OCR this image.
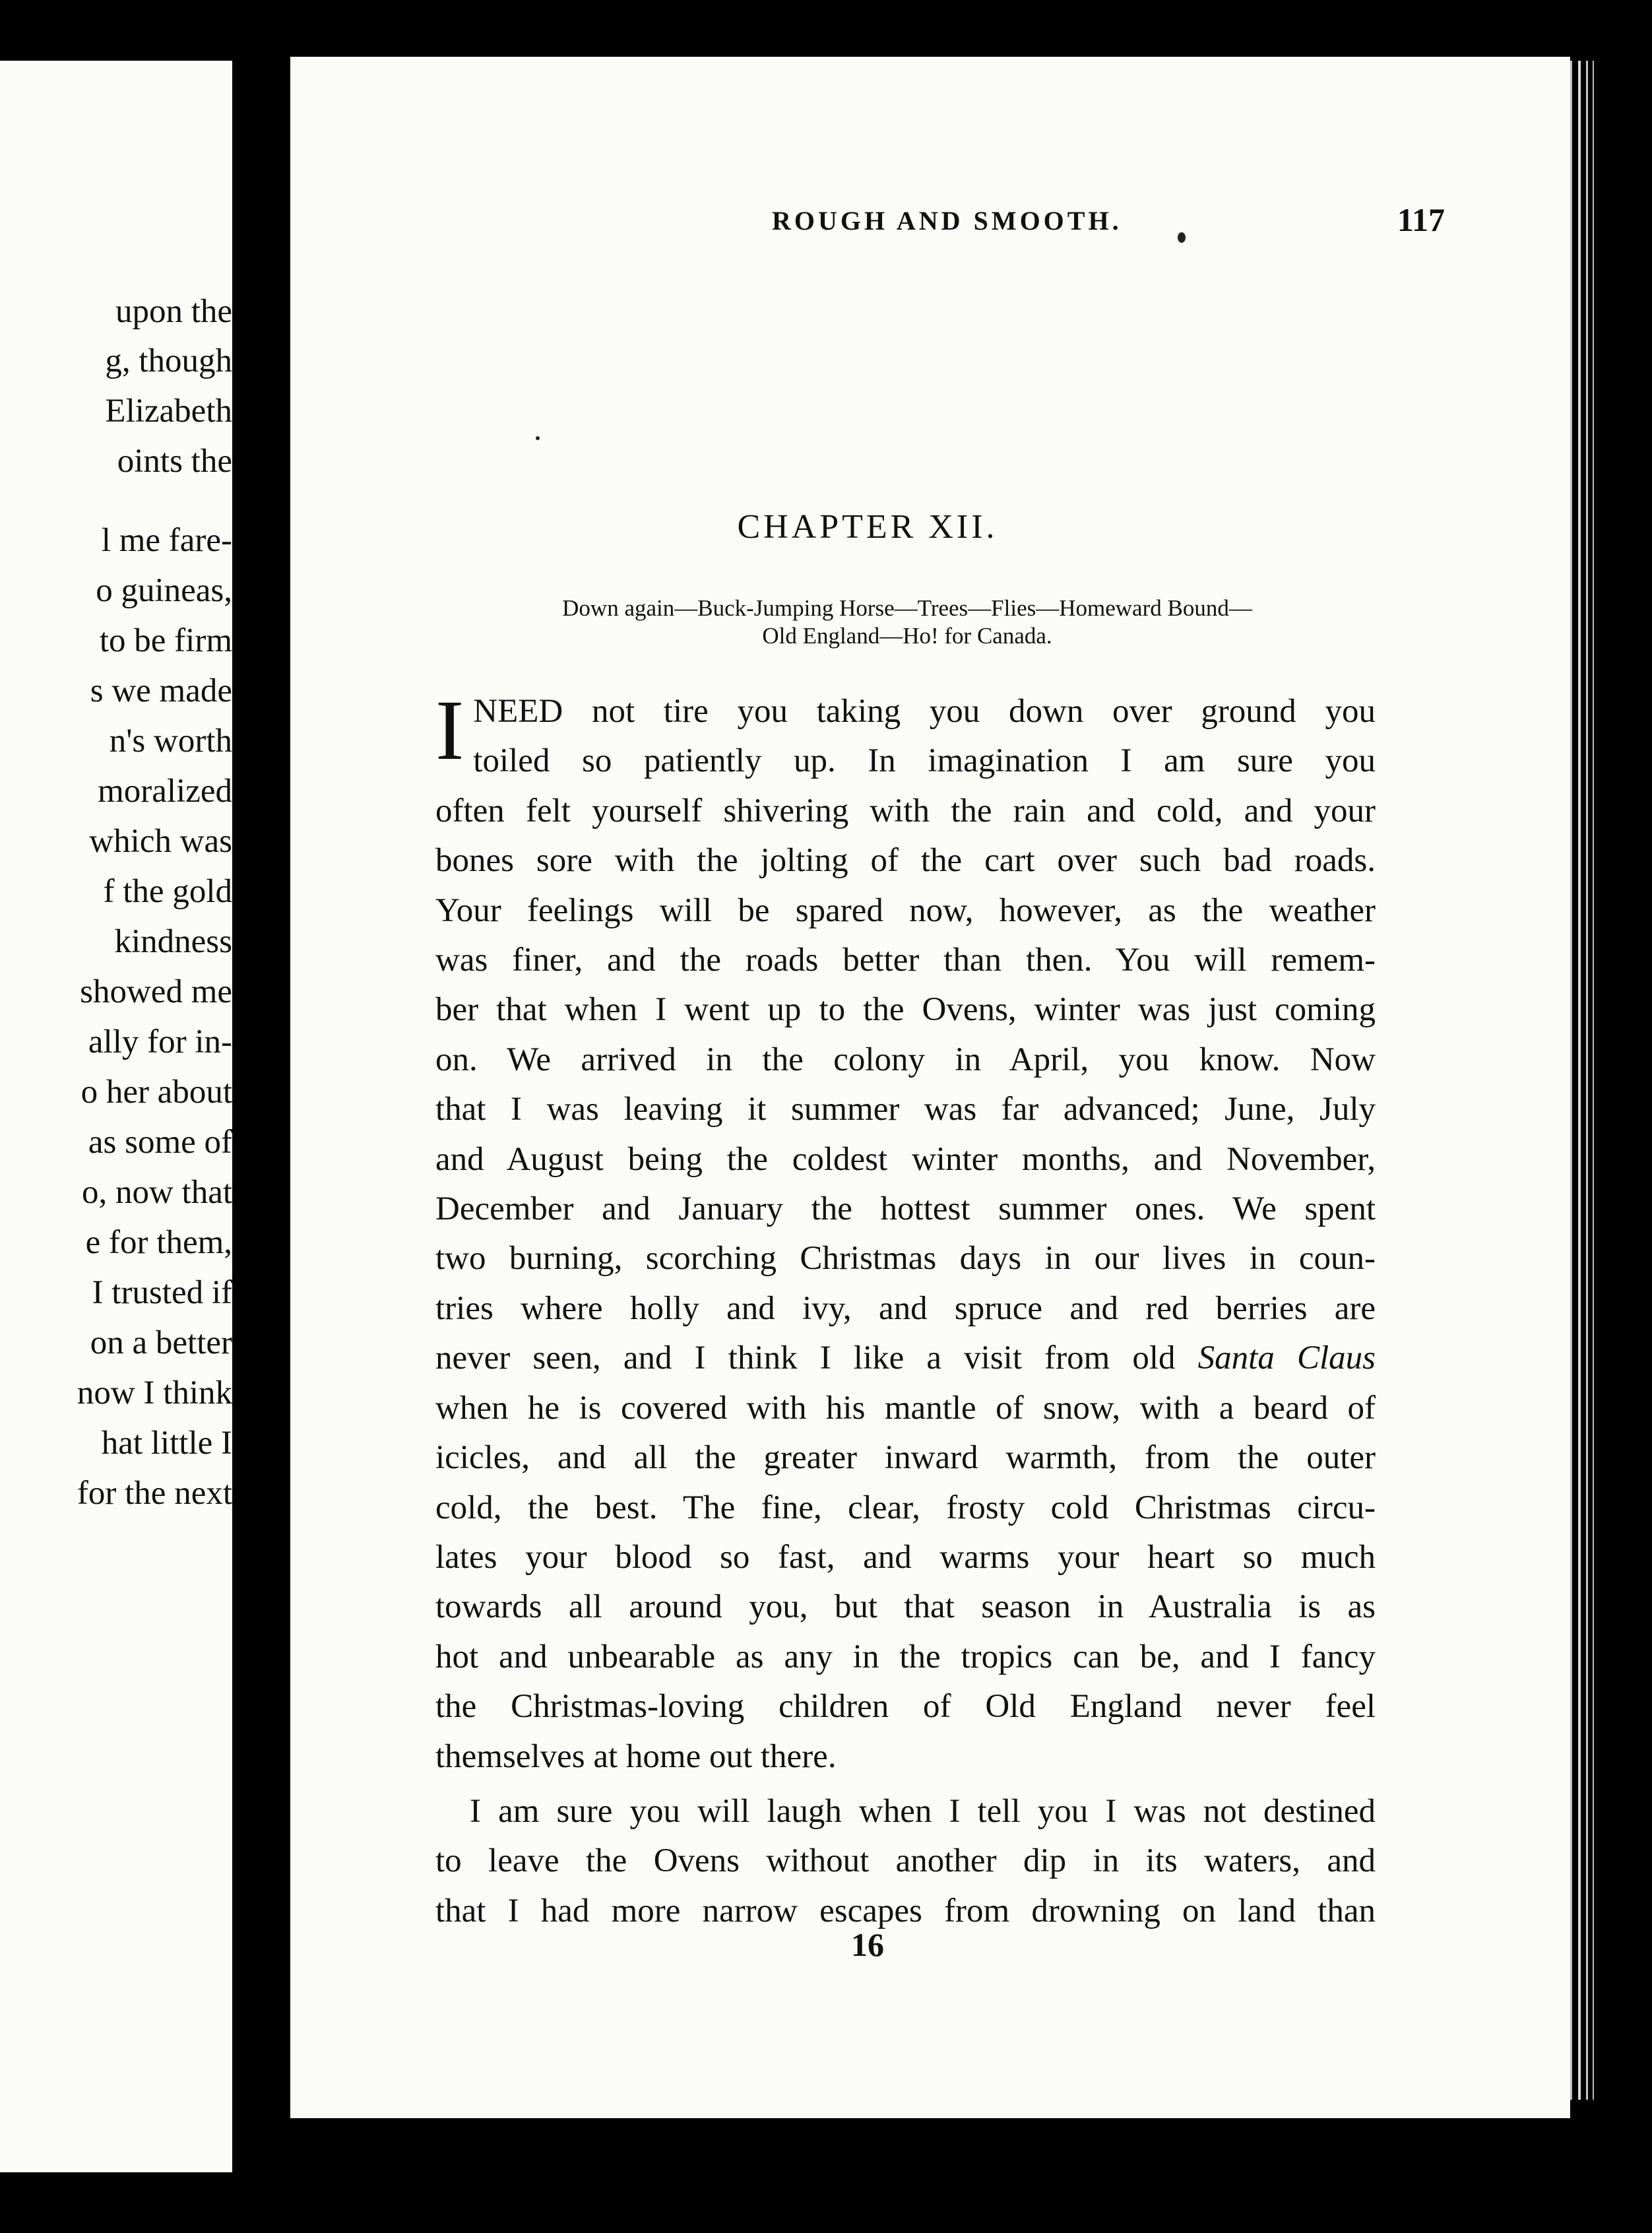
upon the
g, though
Elizabeth
oints the
l me fare-
o guineas,
to be firm
s we made
n's worth
moralized
which was
f the gold
kindness
showed me
ally for in-
o her about
as some of
o, now that
e for them,
I trusted if
on a better
now I think
hat little I
for the next
ROUGH AND SMOOTH.	117
CHAPTER XII.
Down again—Buck-Jumping Horse—Trees—Flies—Homeward Bound—
Old England—Ho! for Canada.
I NEED not tire you taking you down over ground you
toiled so patiently up. In imagination I am sure you
often felt yourself shivering with the rain and cold, and your
bones sore with the jolting of the cart over such bad roads.
Your feelings will be spared now, however, as the weather
was finer, and the roads better than then. You will remem-
ber that when I went up to the Ovens, winter was just coming
on. We arrived in the colony in April, you know. Now
that I was leaving it summer was far advanced; June, July
and August being the coldest winter months, and November,
December and January the hottest summer ones. We spent
two burning, scorching Christmas days in our lives in coun-
tries where holly and ivy, and spruce and red berries are
never seen, and I think I like a visit from old Santa Claus
when he is covered with his mantle of snow, with a beard of
icicles, and all the greater inward warmth, from the outer
cold, the best. The fine, clear, frosty cold Christmas circu-
lates your blood so fast, and warms your heart so much
towards all around you, but that season in Australia is as
hot and unbearable as any in the tropics can be, and I fancy
the Christmas-loving children of Old England never feel
themselves at home out there.
I am sure you will laugh when I tell you I was not destined
to leave the Ovens without another dip in its waters, and
that I had more narrow escapes from drowning on land than
16
